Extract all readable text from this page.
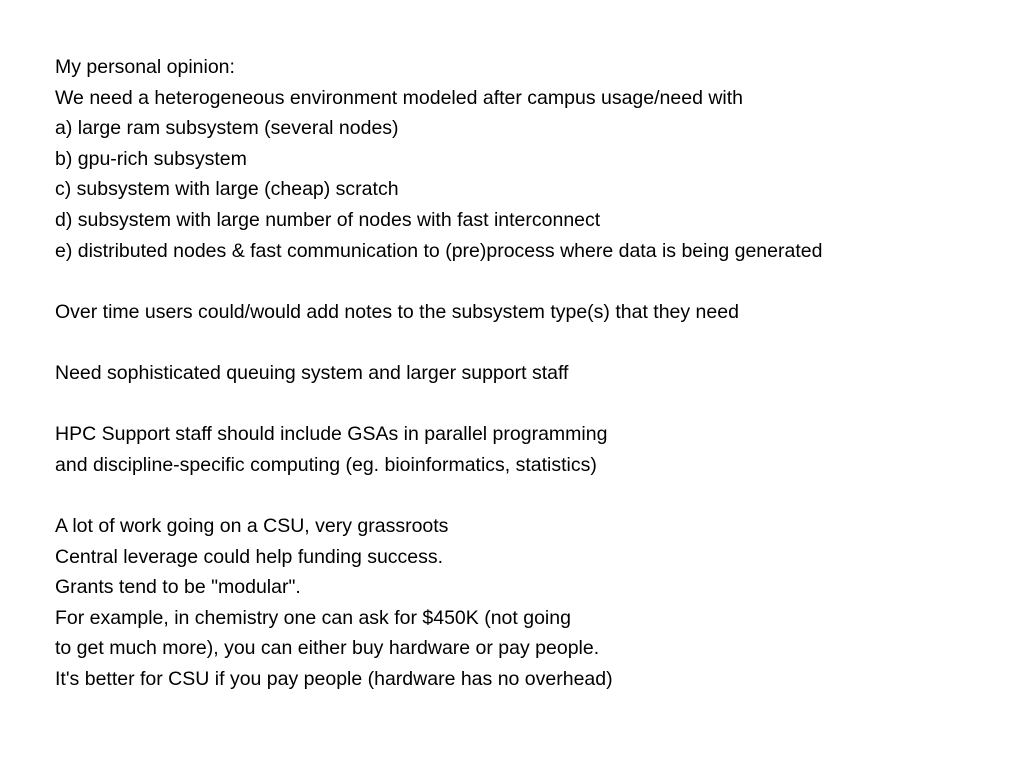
My personal opinion:
We need a heterogeneous environment modeled after campus usage/need with
a) large ram subsystem (several nodes)
b) gpu-rich subsystem
c) subsystem with large (cheap) scratch
d) subsystem with large number of nodes with fast interconnect
e) distributed nodes & fast communication to (pre)process where data is being generated
Over time users could/would add notes to the subsystem type(s) that they need
Need sophisticated queuing system and larger support staff
HPC Support staff should include GSAs in parallel programming
and discipline-specific computing (eg. bioinformatics, statistics)
A lot of work going on a CSU, very grassroots
Central leverage could help funding success.
Grants tend to be "modular".
For example, in chemistry one can ask for $450K (not going
to get much more), you can either buy hardware or pay people.
It's better for CSU if you pay people (hardware has no overhead)
